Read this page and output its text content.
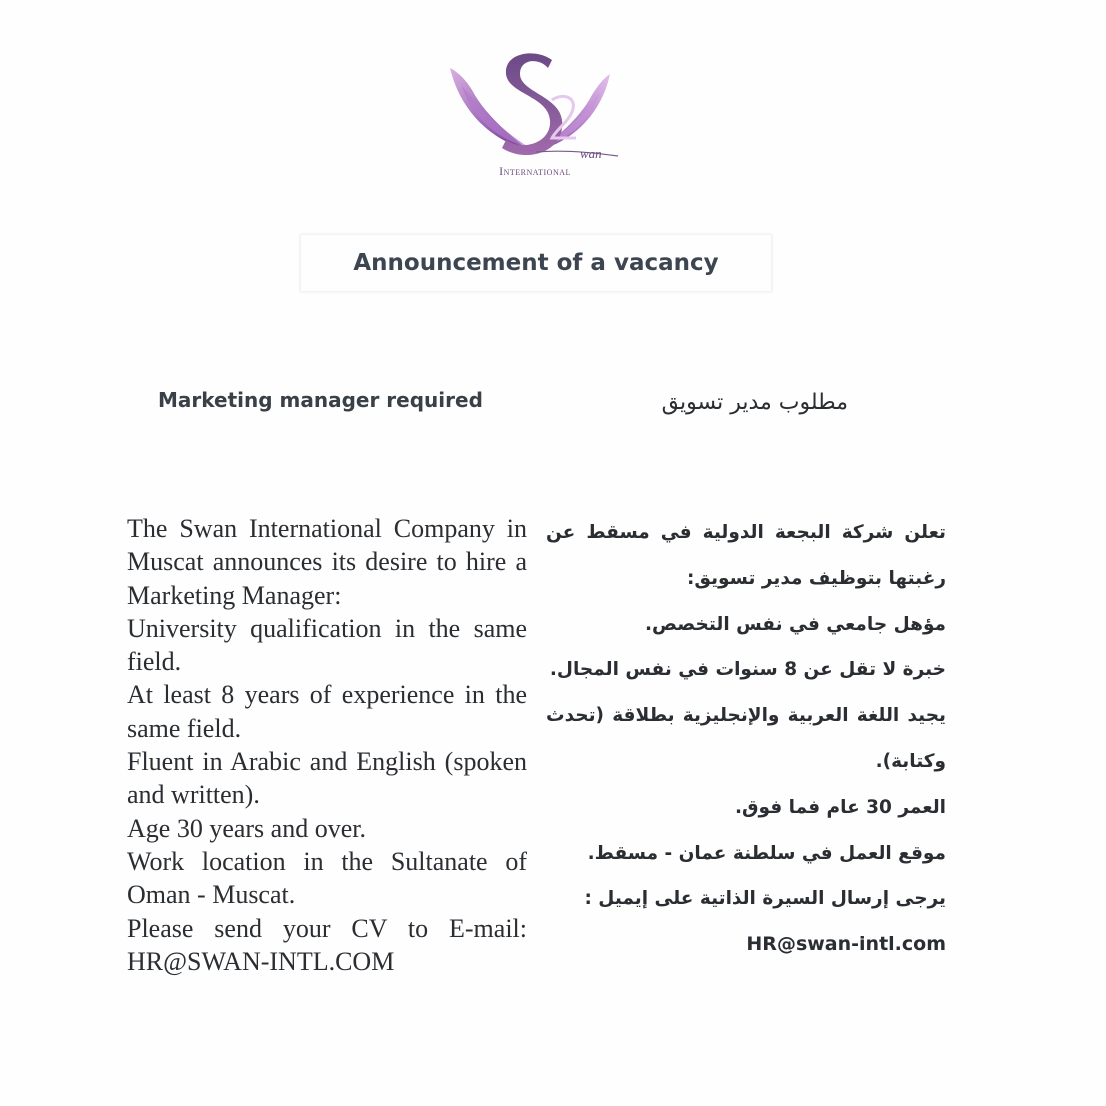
wan
International
Announcement of a vacancy
Marketing manager required	مطلوب مدير تسويق

The Swan International Company in Muscat announces its desire to hire a Marketing Manager:

University qualification in the same field.

At least 8 years of experience in the same field.

Fluent in Arabic and English (spoken and written).

Age 30 years and over.

Work location in the Sultanate of Oman - Muscat.

Please send your CV to E-mail: HR@SWAN-INTL.COM

تعلن شركة البجعة الدولية في مسقط عن رغبتها بتوظيف مدير تسويق:

مؤهل جامعي في نفس التخصص.

خبرة لا تقل عن 8 سنوات في نفس المجال.

يجيد اللغة العربية والإنجليزية بطلاقة (تحدث وكتابة).

العمر 30 عام فما فوق.

موقع العمل في سلطنة عمان - مسقط.

يرجى إرسال السيرة الذاتية على إيميل :

HR@swan-intl.com
